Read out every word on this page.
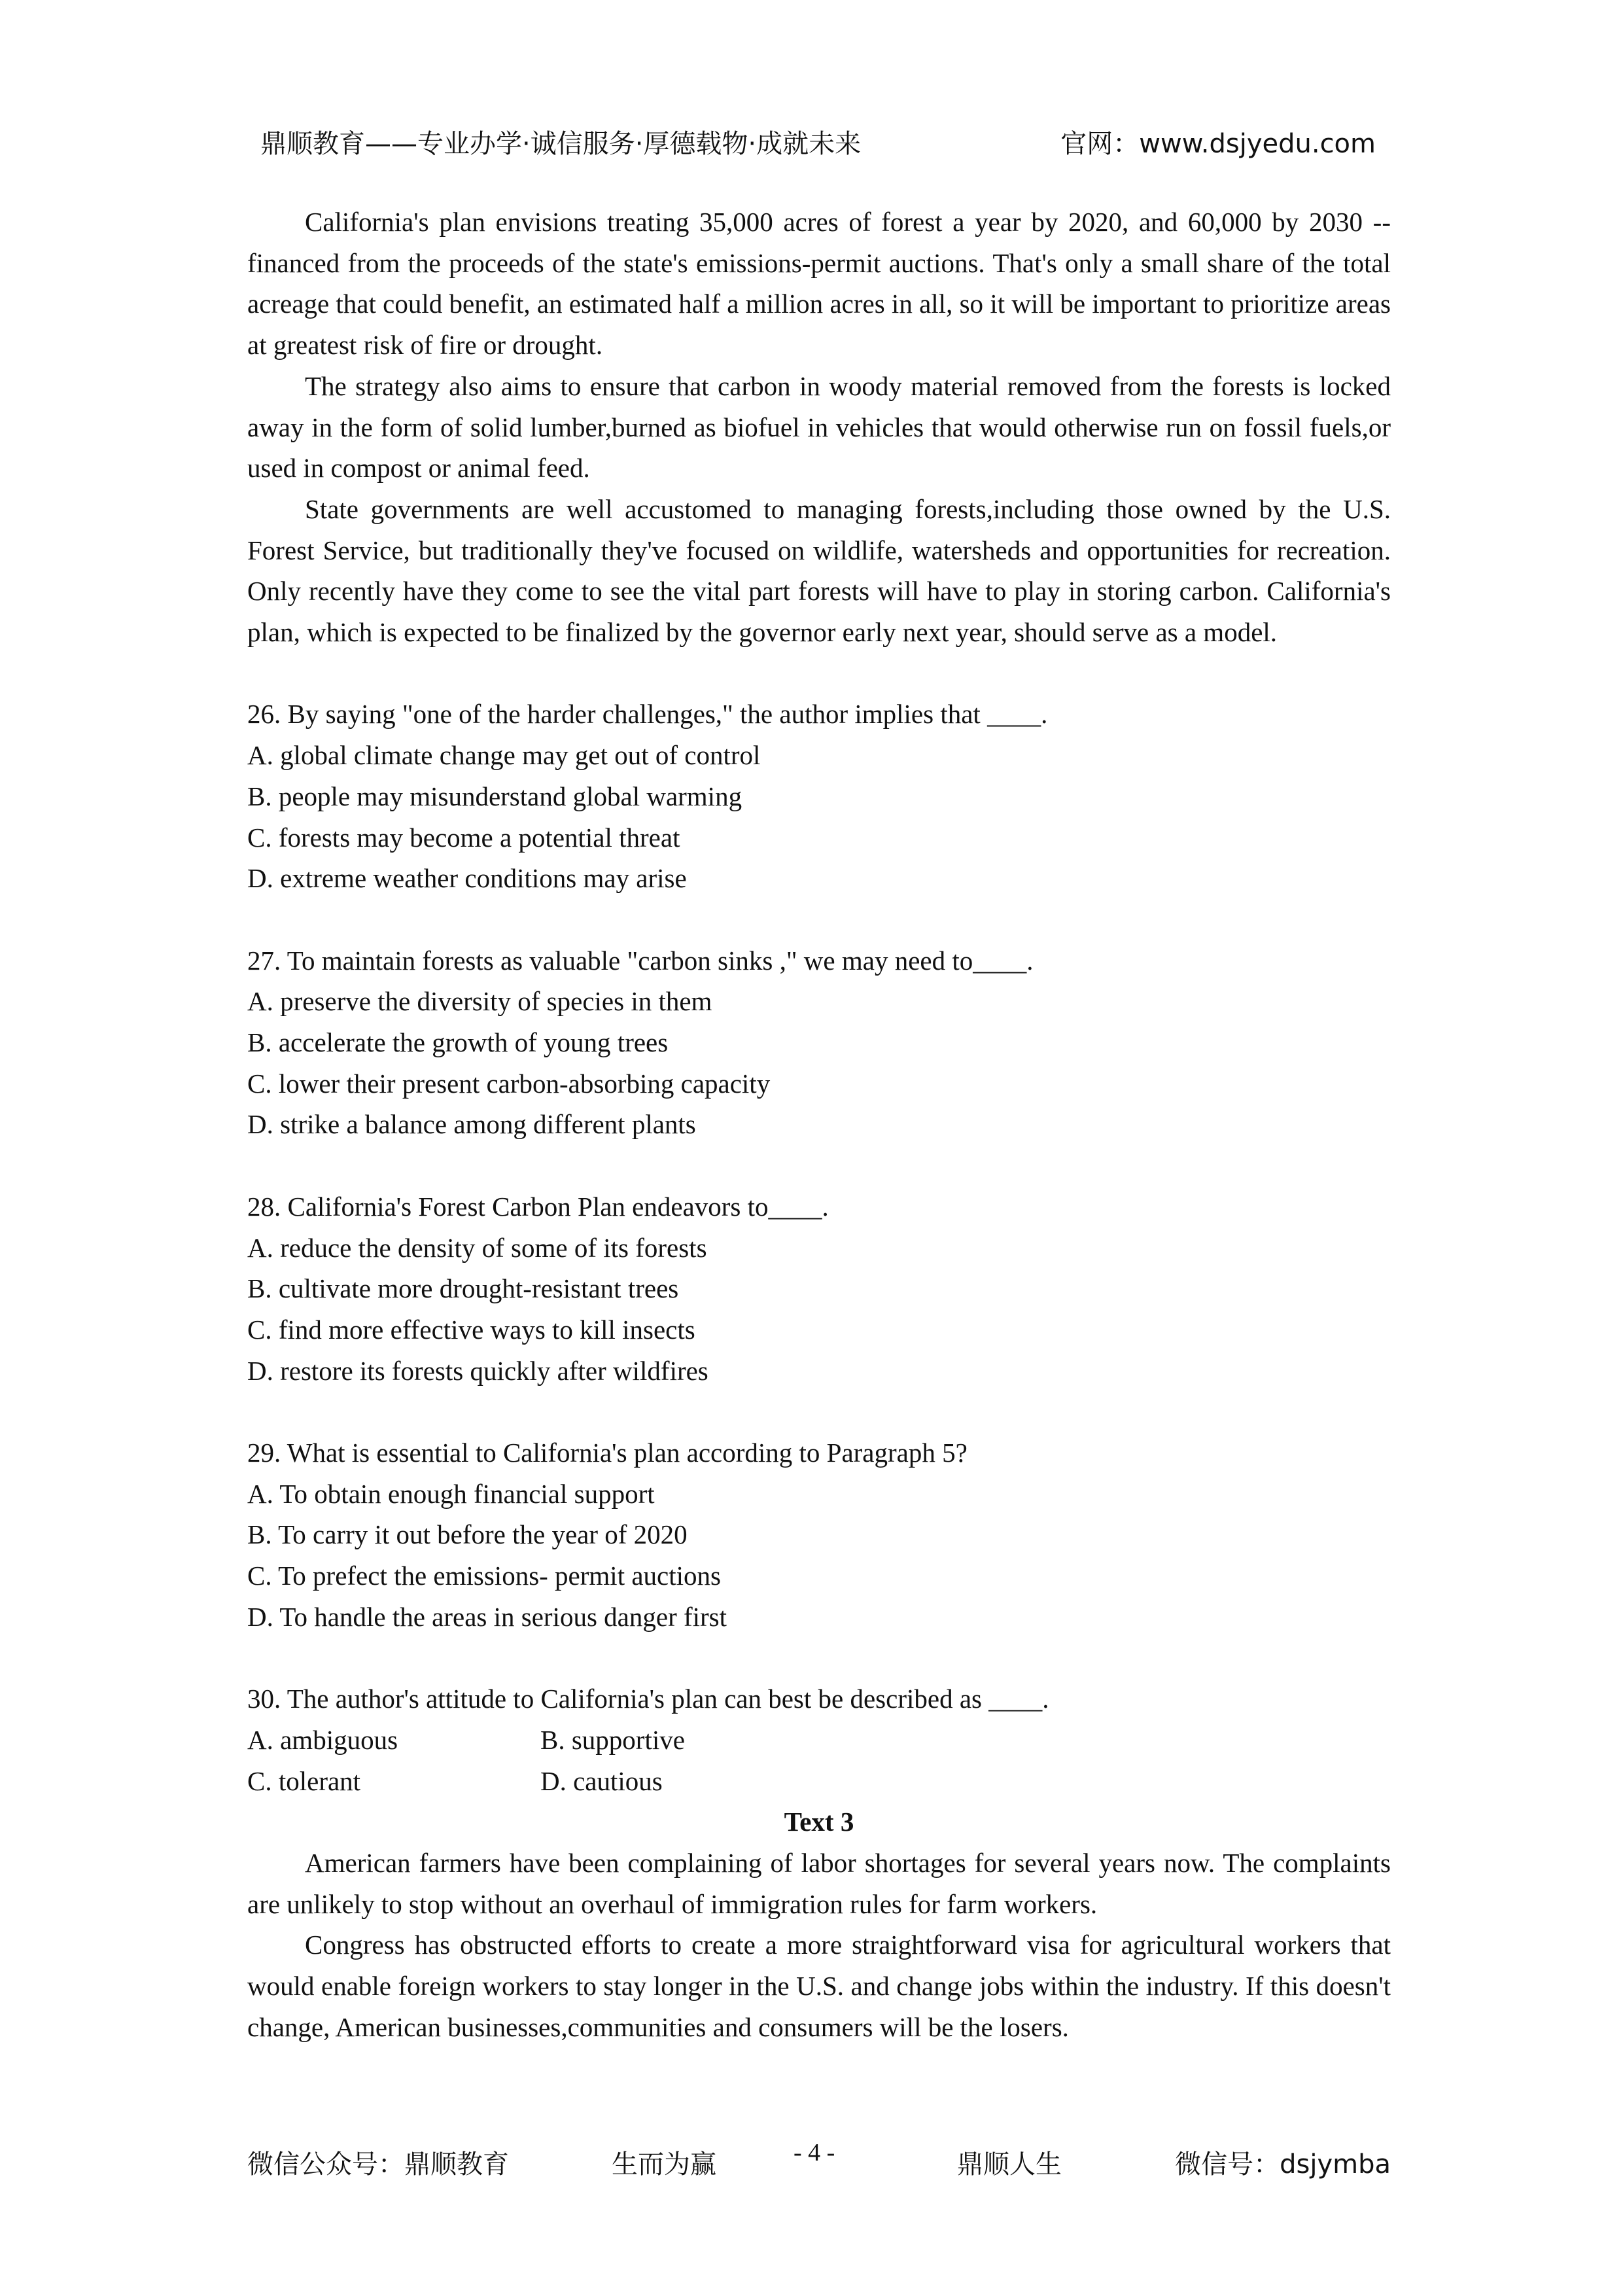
鼎顺教育——专业办学·诚信服务·厚德载物·成就未来	官网：www.dsjyedu.com

California's plan envisions treating 35,000 acres of forest a year by 2020, and 60,000 by 2030 -- financed from the proceeds of the state's emissions-permit auctions. That's only a small share of the total acreage that could benefit, an estimated half a million acres in all, so it will be important to prioritize areas at greatest risk of fire or drought.

The strategy also aims to ensure that carbon in woody material removed from the forests is locked away in the form of solid lumber,burned as biofuel in vehicles that would otherwise run on fossil fuels,or used in compost or animal feed.

State governments are well accustomed to managing forests,including those owned by the U.S. Forest Service, but traditionally they've focused on wildlife, watersheds and opportunities for recreation. Only recently have they come to see the vital part forests will have to play in storing carbon. California's plan, which is expected to be finalized by the governor early next year, should serve as a model.

26. By saying "one of the harder challenges," the author implies that ____.

A. global climate change may get out of control

B. people may misunderstand global warming

C. forests may become a potential threat

D. extreme weather conditions may arise

27. To maintain forests as valuable "carbon sinks ," we may need to____.

A. preserve the diversity of species in them

B. accelerate the growth of young trees

C. lower their present carbon-absorbing capacity

D. strike a balance among different plants

28. California's Forest Carbon Plan endeavors to____.

A. reduce the density of some of its forests

B. cultivate more drought-resistant trees

C. find more effective ways to kill insects

D. restore its forests quickly after wildfires

29. What is essential to California's plan according to Paragraph 5?

A. To obtain enough financial support

B. To carry it out before the year of 2020

C. To prefect the emissions- permit auctions

D. To handle the areas in serious danger first

30. The author's attitude to California's plan can best be described as ____.

A. ambiguous	B. supportive
C. tolerant	D. cautious

Text 3

American farmers have been complaining of labor shortages for several years now. The complaints are unlikely to stop without an overhaul of immigration rules for farm workers.

Congress has obstructed efforts to create a more straightforward visa for agricultural workers that would enable foreign workers to stay longer in the U.S. and change jobs within the industry. If this doesn't change, American businesses,communities and consumers will be the losers.

微信公众号：鼎顺教育	生而为赢	- 4 -	鼎顺人生	微信号：dsjymba
